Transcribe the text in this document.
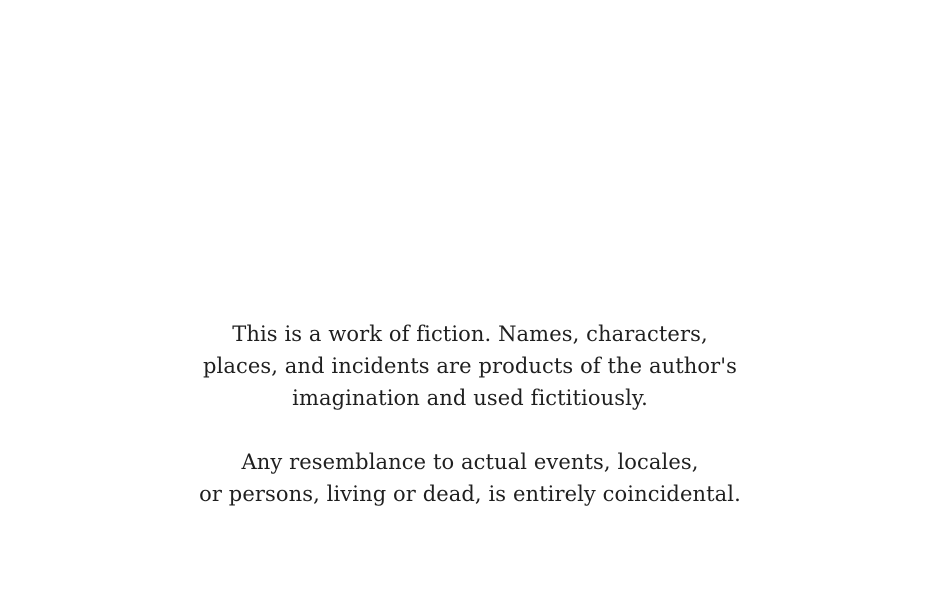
This is a work of fiction. Names, characters,
places, and incidents are products of the author's
imagination and used fictitiously.

Any resemblance to actual events, locales,
or persons, living or dead, is entirely coincidental.
